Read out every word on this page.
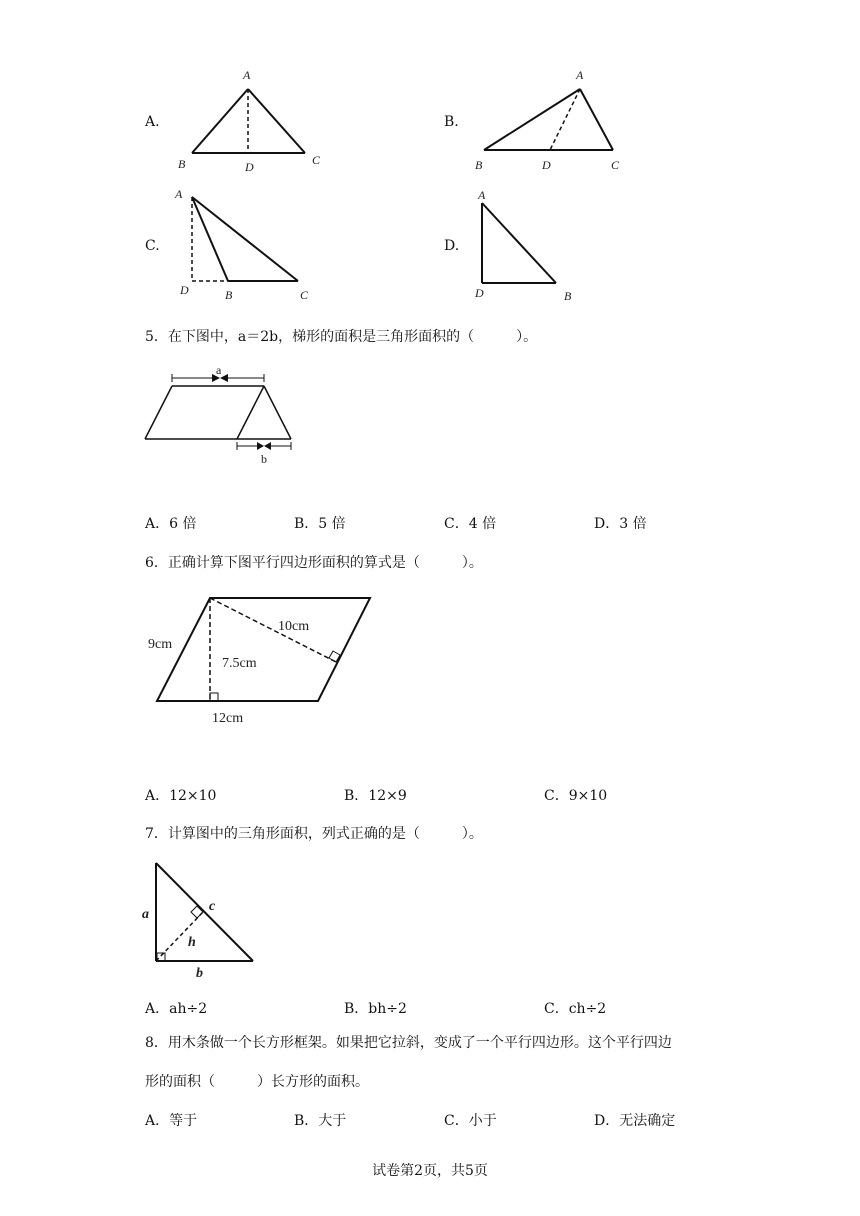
A.
A
B	D	C
B.
A
B	D	C
C.
A
D	B	C
D.
A
D	B
5．在下图中，a＝2b，梯形的面积是三角形面积的（　　　）。
a
b
A．6 倍	B．5 倍	C．4 倍	D．3 倍
6．正确计算下图平行四边形面积的算式是（　　　）。
9cm
10cm
7.5cm
12cm
A．12×10	B．12×9	C．9×10
7．计算图中的三角形面积，列式正确的是（　　　）。
a
c
h
b
A．ah÷2	B．bh÷2	C．ch÷2
8．用木条做一个长方形框架。如果把它拉斜，变成了一个平行四边形。这个平行四边
形的面积（　　　）长方形的面积。
A．等于	B．大于	C．小于	D．无法确定
试卷第2页，共5页
